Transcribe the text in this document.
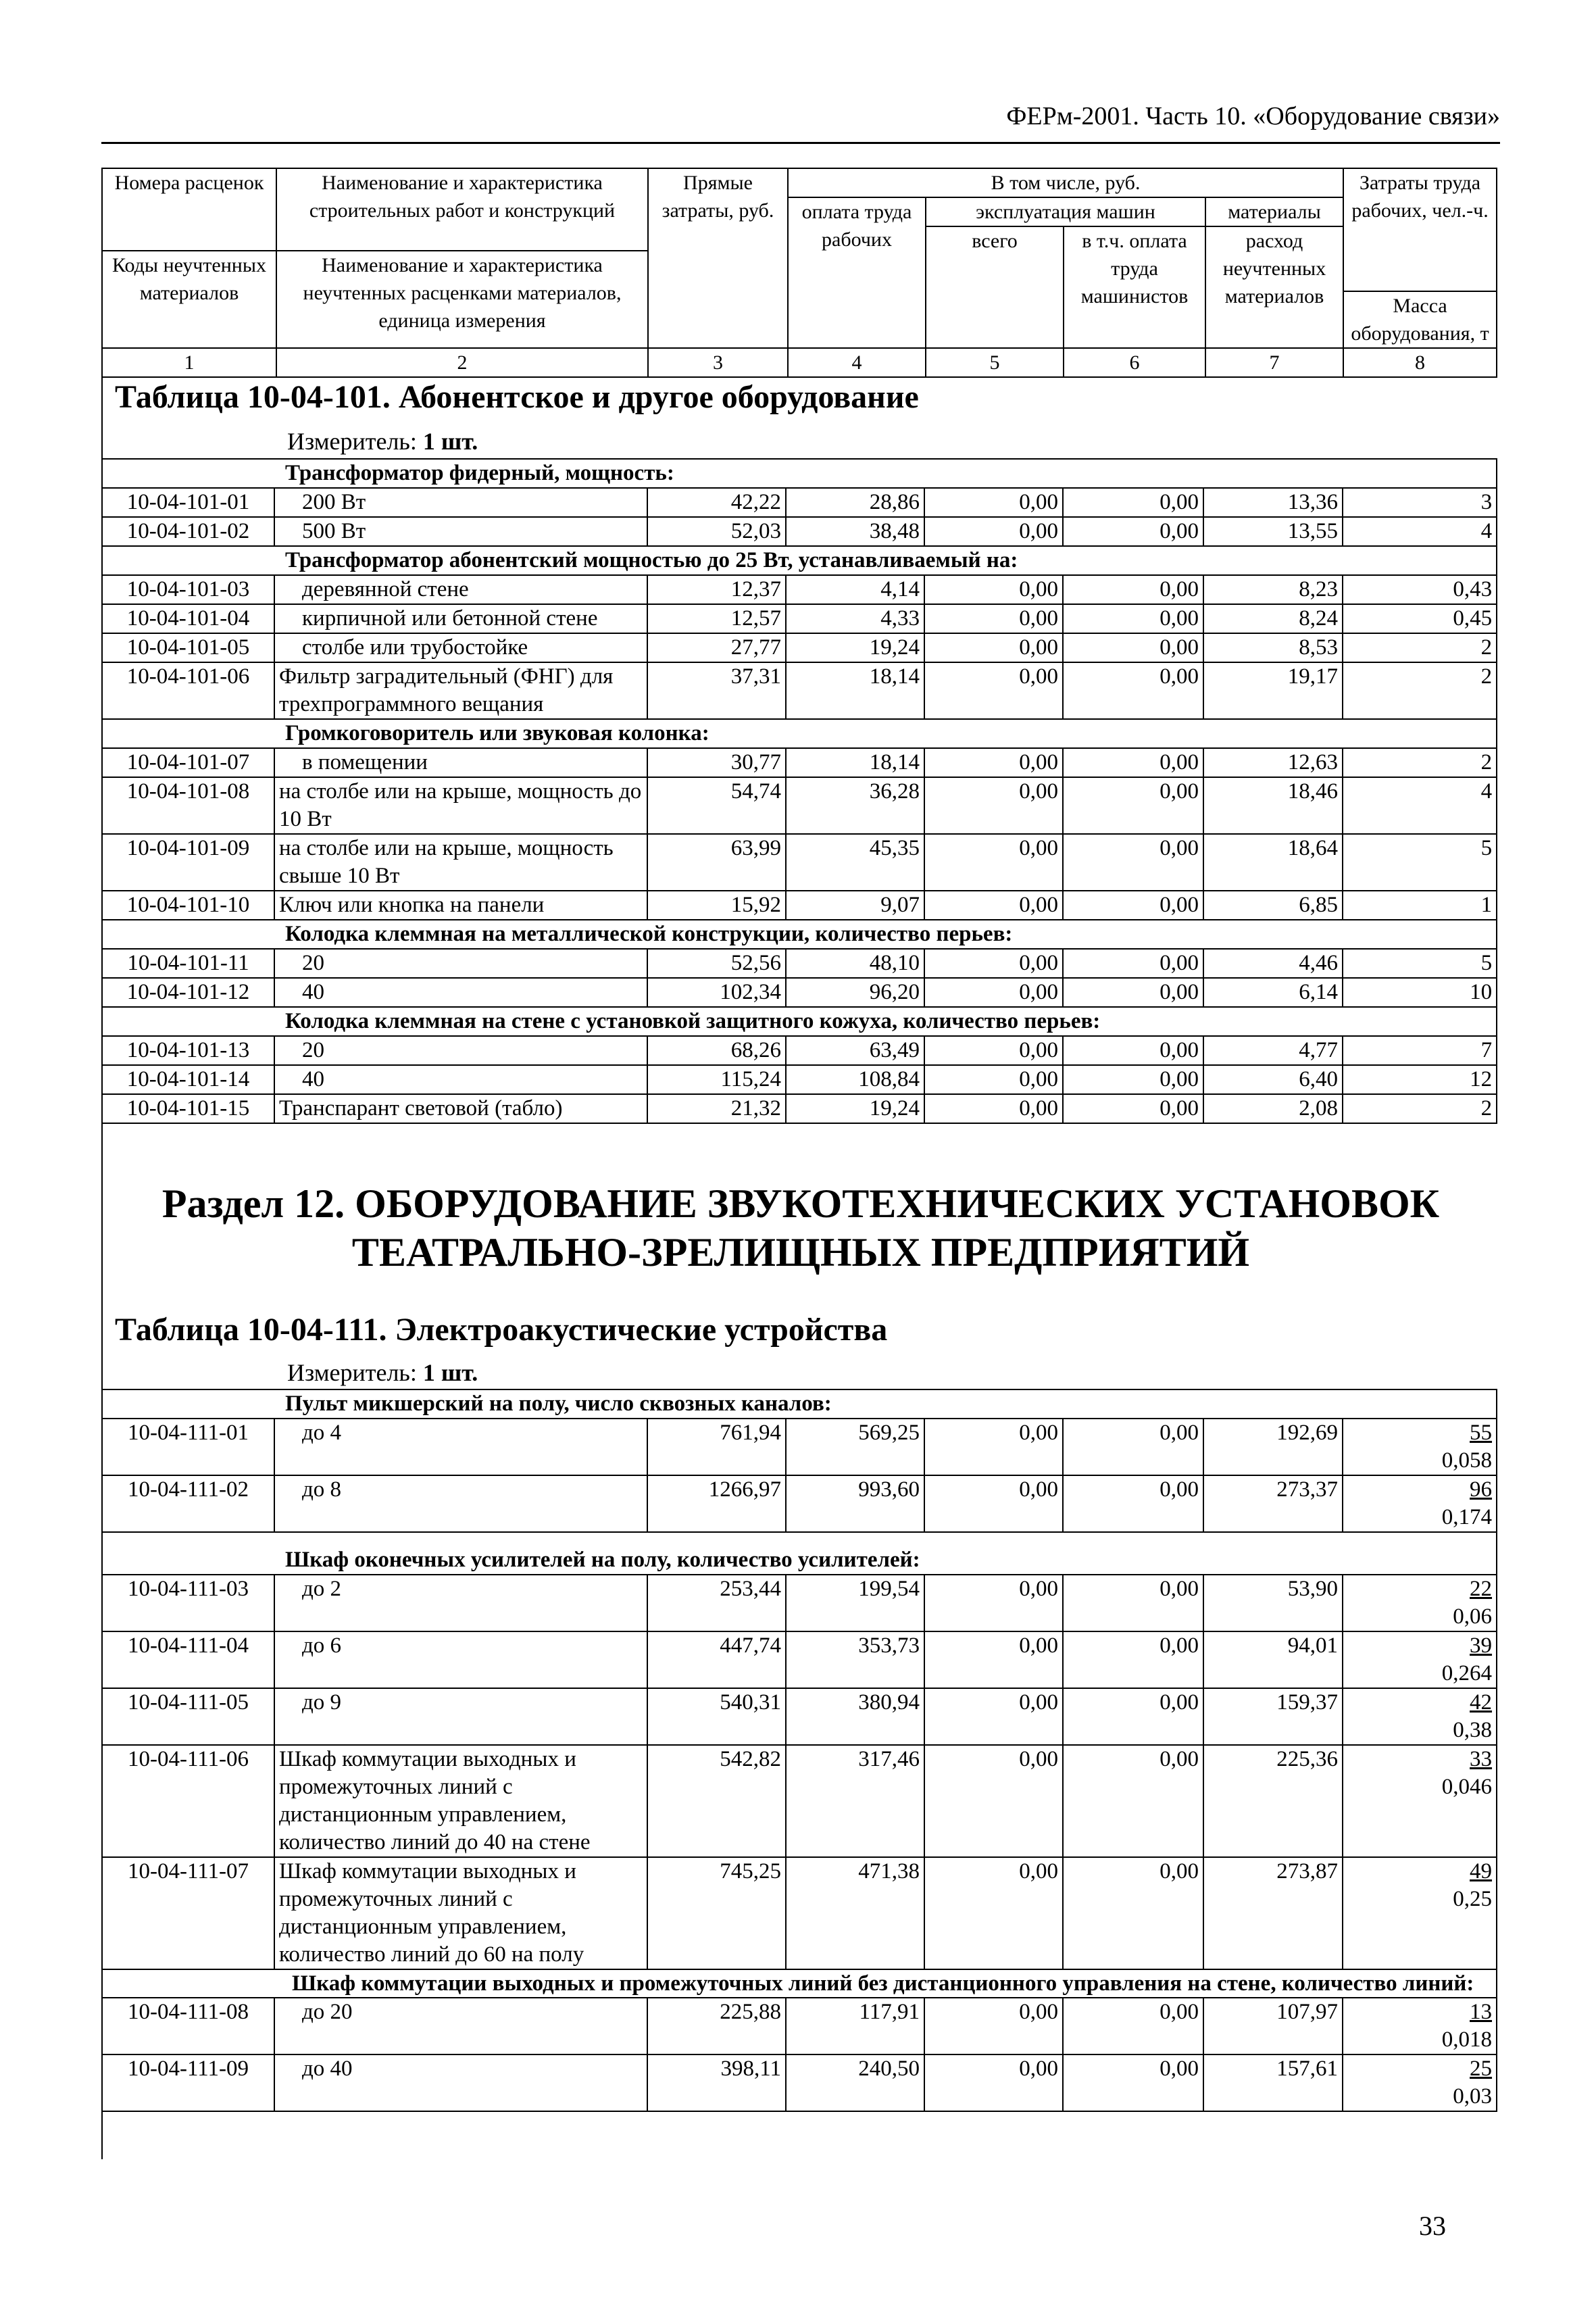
ФЕРм-2001. Часть 10. «Оборудование связи»
Номера расценок	Наименование и характеристика строительных работ и конструкций	Прямые затраты, руб.	В том числе, руб.				Затраты труда рабочих, чел.-ч.
			оплата труда рабочих	эксплуатация машин		материалы	
				всего	в т.ч. оплата труда машинистов	расход неучтенных материалов	
Коды неучтенных материалов	Наименование и характеристика неучтенных расценками материалов, единица измерения						

							Масса оборудования, т
1	2	3	4	5	6	7	8
Таблица 10-04-101. Абонентское и другое оборудование
Измеритель: 1 шт.
Трансформатор фидерный, мощность:							
10-04-101-01	200 Вт	42,22	28,86	0,00	0,00	13,36	3
10-04-101-02	500 Вт	52,03	38,48	0,00	0,00	13,55	4
Трансформатор абонентский мощностью до 25 Вт, устанавливаемый на:							
10-04-101-03	деревянной стене	12,37	4,14	0,00	0,00	8,23	0,43
10-04-101-04	кирпичной или бетонной стене	12,57	4,33	0,00	0,00	8,24	0,45
10-04-101-05	столбе или трубостойке	27,77	19,24	0,00	0,00	8,53	2
10-04-101-06	Фильтр заградительный (ФНГ) для трехпрограммного вещания	37,31	18,14	0,00	0,00	19,17	2
Громкоговоритель или звуковая колонка:							
10-04-101-07	в помещении	30,77	18,14	0,00	0,00	12,63	2
10-04-101-08	на столбе или на крыше, мощность до 10 Вт	54,74	36,28	0,00	0,00	18,46	4
10-04-101-09	на столбе или на крыше, мощность свыше 10 Вт	63,99	45,35	0,00	0,00	18,64	5
10-04-101-10	Ключ или кнопка на панели	15,92	9,07	0,00	0,00	6,85	1
Колодка клеммная на металлической конструкции, количество перьев:							
10-04-101-11	20	52,56	48,10	0,00	0,00	4,46	5
10-04-101-12	40	102,34	96,20	0,00	0,00	6,14	10
Колодка клеммная на стене с установкой защитного кожуха, количество перьев:							
10-04-101-13	20	68,26	63,49	0,00	0,00	4,77	7
10-04-101-14	40	115,24	108,84	0,00	0,00	6,40	12
10-04-101-15	Транспарант световой (табло)	21,32	19,24	0,00	0,00	2,08	2
Раздел 12. ОБОРУДОВАНИЕ ЗВУКОТЕХНИЧЕСКИХ УСТАНОВОК
ТЕАТРАЛЬНО-ЗРЕЛИЩНЫХ ПРЕДПРИЯТИЙ
Таблица 10-04-111. Электроакустические устройства
Измеритель: 1 шт.
Пульт микшерский на полу, число сквозных каналов:							
10-04-111-01	до 4	761,94	569,25	0,00	0,00	192,69	55
0,058

10-04-111-02	до 8	1266,97	993,60	0,00	0,00	273,37	96
0,174

Шкаф оконечных усилителей на полу, количество усилителей:							
10-04-111-03	до 2	253,44	199,54	0,00	0,00	53,90	22
0,06

10-04-111-04	до 6	447,74	353,73	0,00	0,00	94,01	39
0,264

10-04-111-05	до 9	540,31	380,94	0,00	0,00	159,37	42
0,38

10-04-111-06	Шкаф коммутации выходных и промежуточных линий с дистанционным управлением, количество линий до 40 на стене	542,82	317,46	0,00	0,00	225,36	33
0,046

10-04-111-07	Шкаф коммутации выходных и промежуточных линий с дистанционным управлением, количество линий до 60 на полу	745,25	471,38	0,00	0,00	273,87	49
0,25

Шкаф коммутации выходных и промежуточных линий без дистанционного управления на стене, количество линий:							
10-04-111-08	до 20	225,88	117,91	0,00	0,00	107,97	13
0,018

10-04-111-09	до 40	398,11	240,50	0,00	0,00	157,61	25
0,03
33
